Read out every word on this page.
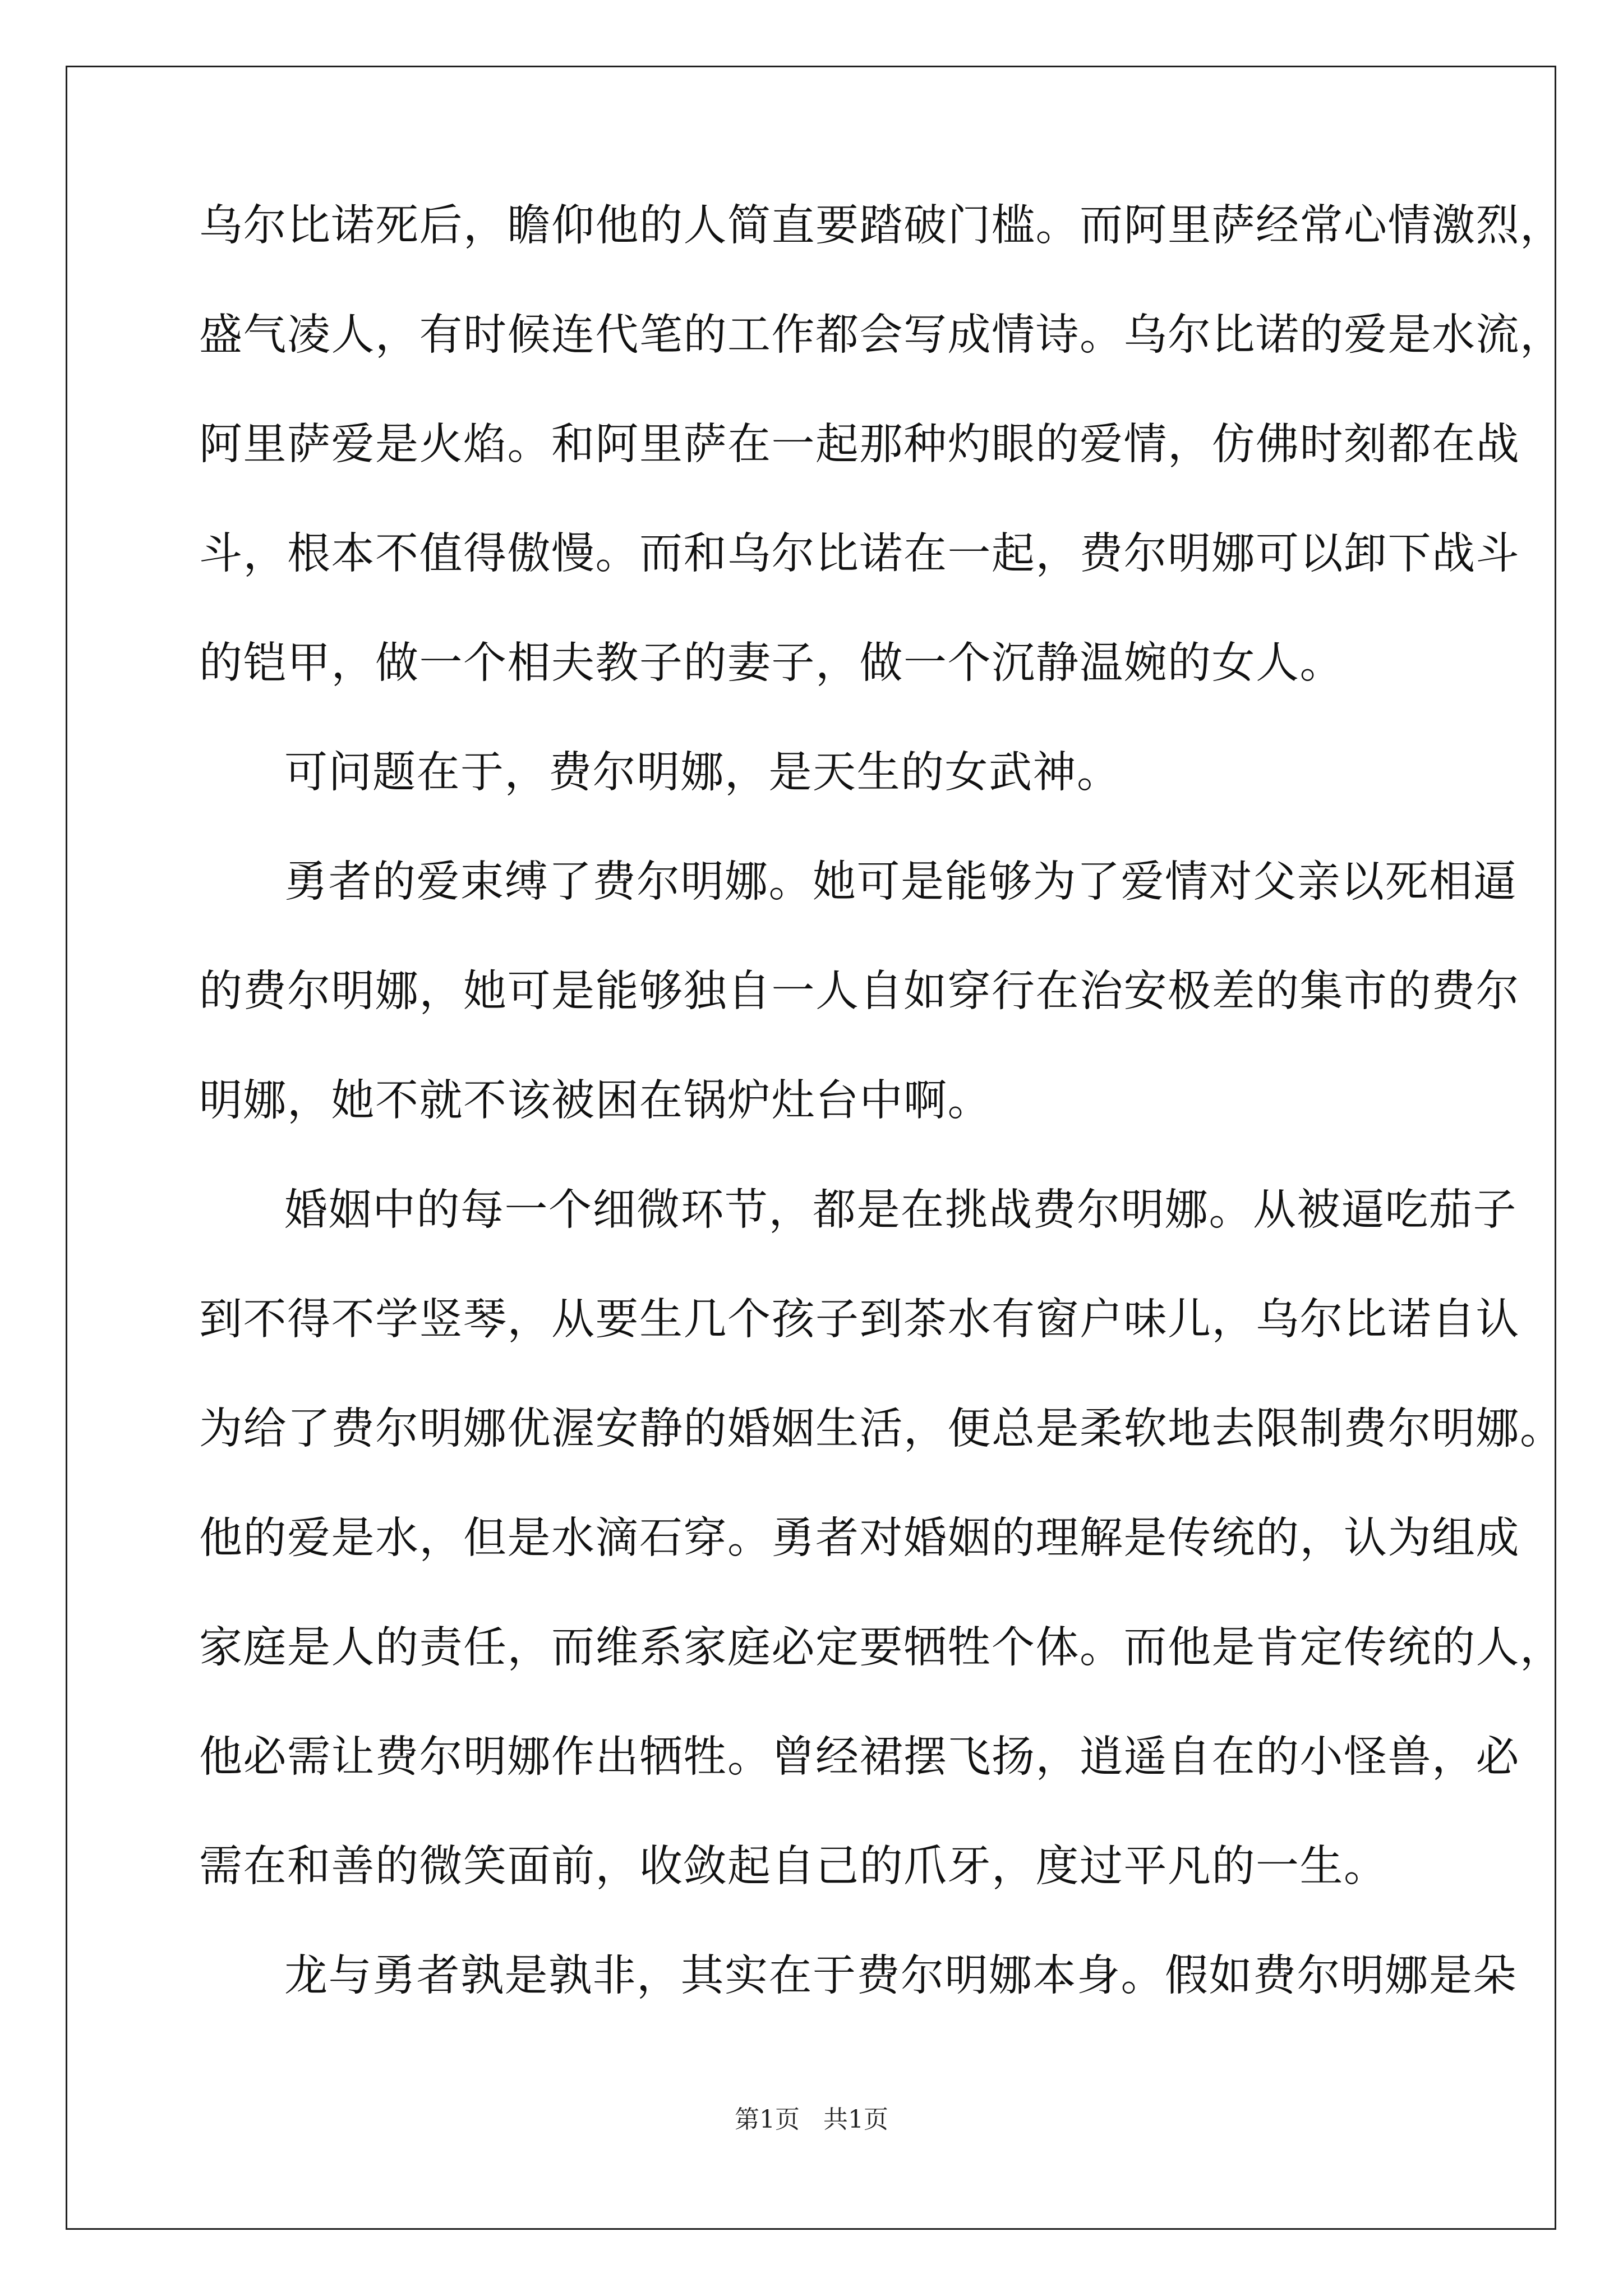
乌尔比诺死后，瞻仰他的人简直要踏破门槛。而阿里萨经常心情激烈，
盛气凌人，有时候连代笔的工作都会写成情诗。乌尔比诺的爱是水流，
阿里萨爱是火焰。和阿里萨在一起那种灼眼的爱情，仿佛时刻都在战
斗，根本不值得傲慢。而和乌尔比诺在一起，费尔明娜可以卸下战斗
的铠甲，做一个相夫教子的妻子，做一个沉静温婉的女人。

可问题在于，费尔明娜，是天生的女武神。

勇者的爱束缚了费尔明娜。她可是能够为了爱情对父亲以死相逼

的费尔明娜，她可是能够独自一人自如穿行在治安极差的集市的费尔
明娜，她不就不该被困在锅炉灶台中啊。

婚姻中的每一个细微环节，都是在挑战费尔明娜。从被逼吃茄子

到不得不学竖琴，从要生几个孩子到茶水有窗户味儿，乌尔比诺自认
为给了费尔明娜优渥安静的婚姻生活，便总是柔软地去限制费尔明娜。
他的爱是水，但是水滴石穿。勇者对婚姻的理解是传统的，认为组成
家庭是人的责任，而维系家庭必定要牺牲个体。而他是肯定传统的人，
他必需让费尔明娜作出牺牲。曾经裙摆飞扬，逍遥自在的小怪兽，必
需在和善的微笑面前，收敛起自己的爪牙，度过平凡的一生。

龙与勇者孰是孰非，其实在于费尔明娜本身。假如费尔明娜是朵

第1页 共1页
